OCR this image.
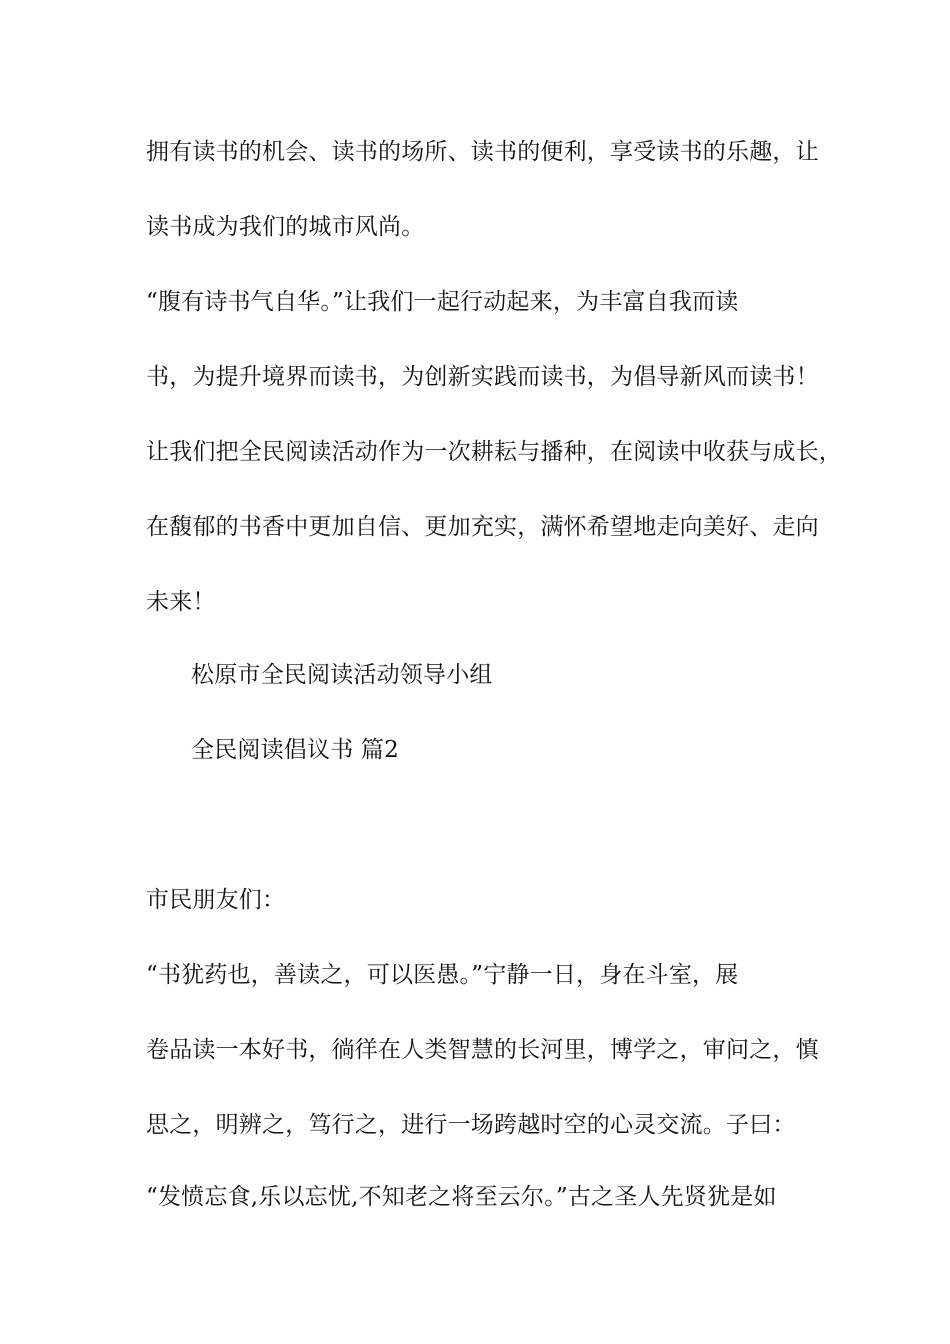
拥有读书的机会、读书的场所、读书的便利，享受读书的乐趣，让
读书成为我们的城市风尚。
“腹有诗书气自华。”让我们一起行动起来，为丰富自我而读
书，为提升境界而读书，为创新实践而读书，为倡导新风而读书！
让我们把全民阅读活动作为一次耕耘与播种，在阅读中收获与成长，
在馥郁的书香中更加自信、更加充实，满怀希望地走向美好、走向
未来！
松原市全民阅读活动领导小组
全民阅读倡议书 篇2
市民朋友们：
“书犹药也，善读之，可以医愚。”宁静一日，身在斗室，展
卷品读一本好书，徜徉在人类智慧的长河里，博学之，审问之，慎
思之，明辨之，笃行之，进行一场跨越时空的心灵交流。子曰：
“发愤忘食,乐以忘忧,不知老之将至云尔。”古之圣人先贤犹是如
